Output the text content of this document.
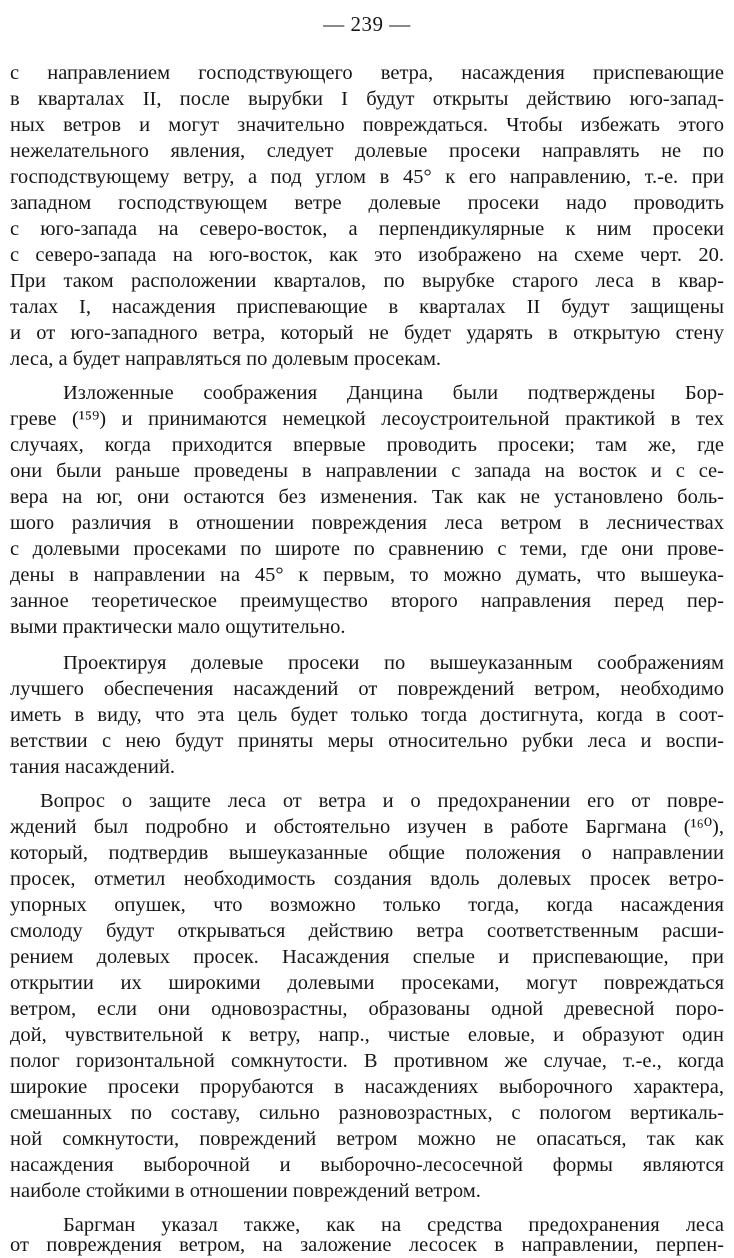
— 239 —
с направлением господствующего ветра, насаждения приспевающие
в кварталах II, после вырубки I будут открыты действию юго-запад-
ных ветров и могут значительно повреждаться. Чтобы избежать этого
нежелательного явления, следует долевые просеки направлять не по
господствующему ветру, а под углом в 45° к его направлению, т.-е. при
западном господствующем ветре долевые просеки надо проводить
с юго-запада на северо-восток, а перпендикулярные к ним просеки
с северо-запада на юго-восток, как это изображено на схеме черт. 20.
При таком расположении кварталов, по вырубке старого леса в квар-
талах I, насаждения приспевающие в кварталах II будут защищены
и от юго-западного ветра, который не будет ударять в открытую стену
леса, а будет направляться по долевым просекам.
Изложенные соображения Данцина были подтверждены Бор-
греве (¹⁵⁹) и принимаются немецкой лесоустроительной практикой в тех
случаях, когда приходится впервые проводить просеки; там же, где
они были раньше проведены в направлении с запада на восток и с се-
вера на юг, они остаются без изменения. Так как не установлено боль-
шого различия в отношении повреждения леса ветром в лесничествах
с долевыми просеками по широте по сравнению с теми, где они прове-
дены в направлении на 45° к первым, то можно думать, что вышеука-
занное теоретическое преимущество второго направления перед пер-
выми практически мало ощутительно.
Проектируя долевые просеки по вышеуказанным соображениям
лучшего обеспечения насаждений от повреждений ветром, необходимо
иметь в виду, что эта цель будет только тогда достигнута, когда в соот-
ветствии с нею будут приняты меры относительно рубки леса и воспи-
тания насаждений.
Вопрос о защите леса от ветра и о предохранении его от повре-
ждений был подробно и обстоятельно изучен в работе Баргмана (¹⁶⁰),
который, подтвердив вышеуказанные общие положения о направлении
просек, отметил необходимость создания вдоль долевых просек ветро-
упорных опушек, что возможно только тогда, когда насаждения
смолоду будут открываться действию ветра соответственным расши-
рением долевых просек. Насаждения спелые и приспевающие, при
открытии их широкими долевыми просеками, могут повреждаться
ветром, если они одновозрастны, образованы одной древесной поро-
дой, чувствительной к ветру, напр., чистые еловые, и образуют один
полог горизонтальной сомкнутости. В противном же случае, т.-е., когда
широкие просеки прорубаются в насаждениях выборочного характера,
смешанных по составу, сильно разновозрастных, с пологом вертикаль-
ной сомкнутости, повреждений ветром можно не опасаться, так как
насаждения выборочной и выборочно-лесосечной формы являются
наиболе стойкими в отношении повреждений ветром.
Баргман указал также, как на средства предохранения леса
от повреждения ветром, на заложение лесосек в направлении, перпен-
